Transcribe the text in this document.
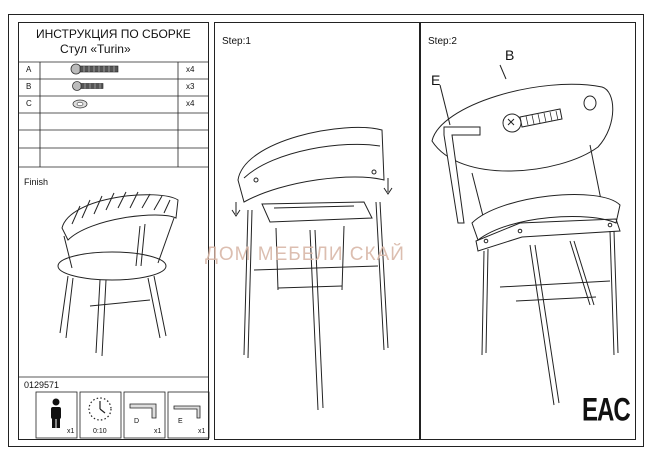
ИНСТРУКЦИЯ ПО СБОРКЕ
Стул «Turin»
A	x4
B	x3
C	x4
Finish
0129571
x1	0:10
D
x1
E
x1
Step:1	Step:2
E
B
ДОМ МЕБЕЛИ СКАЙ
EAC
